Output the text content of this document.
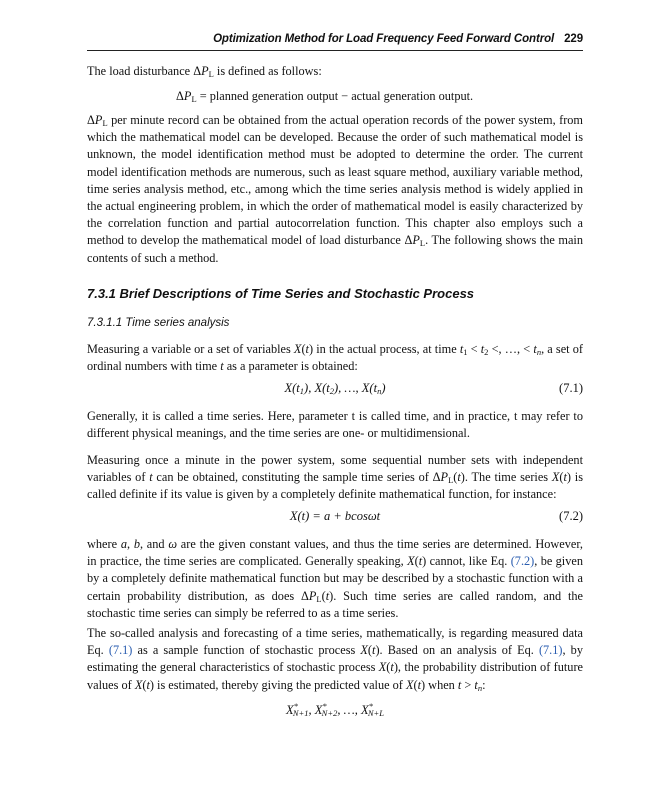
Optimization Method for Load Frequency Feed Forward Control 229

The load disturbance $\Delta P_L$ is defined as follows:

$\Delta P_L$ = planned generation output − actual generation output.

$\Delta P_L$ per minute record can be obtained from the actual operation records of the power system, from which the mathematical model can be developed. Because the order of such mathematical model is unknown, the model identification method must be adopted to determine the order. The current model identification methods are numerous, such as least square method, auxiliary variable method, time series analysis method, etc., among which the time series analysis method is widely applied in the actual engineering problem, in which the order of mathematical model is easily characterized by the correlation function and partial autocorrelation function. This chapter also employs such a method to develop the mathematical model of load disturbance $\Delta P_L$. The following shows the main contents of such a method.

7.3.1 Brief Descriptions of Time Series and Stochastic Process
7.3.1.1 Time series analysis

Measuring a variable or a set of variables X(t) in the actual process, at time $t_1 < t_2$ <, …, < $t_n$, a set of ordinal numbers with time t as a parameter is obtained:

$X(t_1)$, $X(t_2)$, …, $X(t_n)$	(7.1)

Generally, it is called a time series. Here, parameter t is called time, and in practice, t may refer to different physical meanings, and the time series are one- or multidimensional.

Measuring once a minute in the power system, some sequential number sets with independent variables of t can be obtained, constituting the sample time series of $\Delta P_L(t)$. The time series X(t) is called definite if its value is given by a completely definite mathematical function, for instance:

X(t) = a + bcosωt	(7.2)

where a, b, and ω are the given constant values, and thus the time series are determined. However, in practice, the time series are complicated. Generally speaking, X(t) cannot, like Eq. (7.2), be given by a completely definite mathematical function but may be described by a stochastic function with a certain probability distribution, as does $\Delta P_L(t)$. Such time series are called random, and the stochastic time series can simply be referred to as a time series.

The so-called analysis and forecasting of a time series, mathematically, is regarding measured data Eq. (7.1) as a sample function of stochastic process X(t). Based on an analysis of Eq. (7.1), by estimating the general characteristics of stochastic process X(t), the probability distribution of future values of X(t) is estimated, thereby giving the predicted value of X(t) when $t > t_n$:

$X^*_{N+1}$, $X^*_{N+2}$, …, $X^*_{N+L}$
